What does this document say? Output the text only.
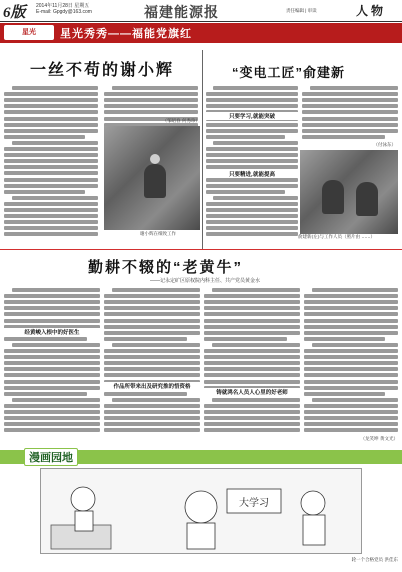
6版 2014年11月28日 星期五
E-mail: Gpgdy@163.com	福建能源报	责任编辑 | 审读	人物
星光	星光秀秀——福能党旗红
一丝不苟的谢小辉
（邹昭春 何秀珍）
谢小辉在细致工作
“变电工匠”俞建新
只要学习,就能突破
只要精进,就能提高
（付泳东）
俞建新(左)与工作人员（照片由 ……）
勤耕不辍的“老黄牛”
——记永定矿区原权院内科主任、共产党员黄金水
经黄峻入根中的好医生
作品所带来出及研究推的悟资格
铸就鸿名人员人心里的好老师
（龙笑坤 黄文光）
漫画园地
大学习
轮一个合格党员 洪佳东
